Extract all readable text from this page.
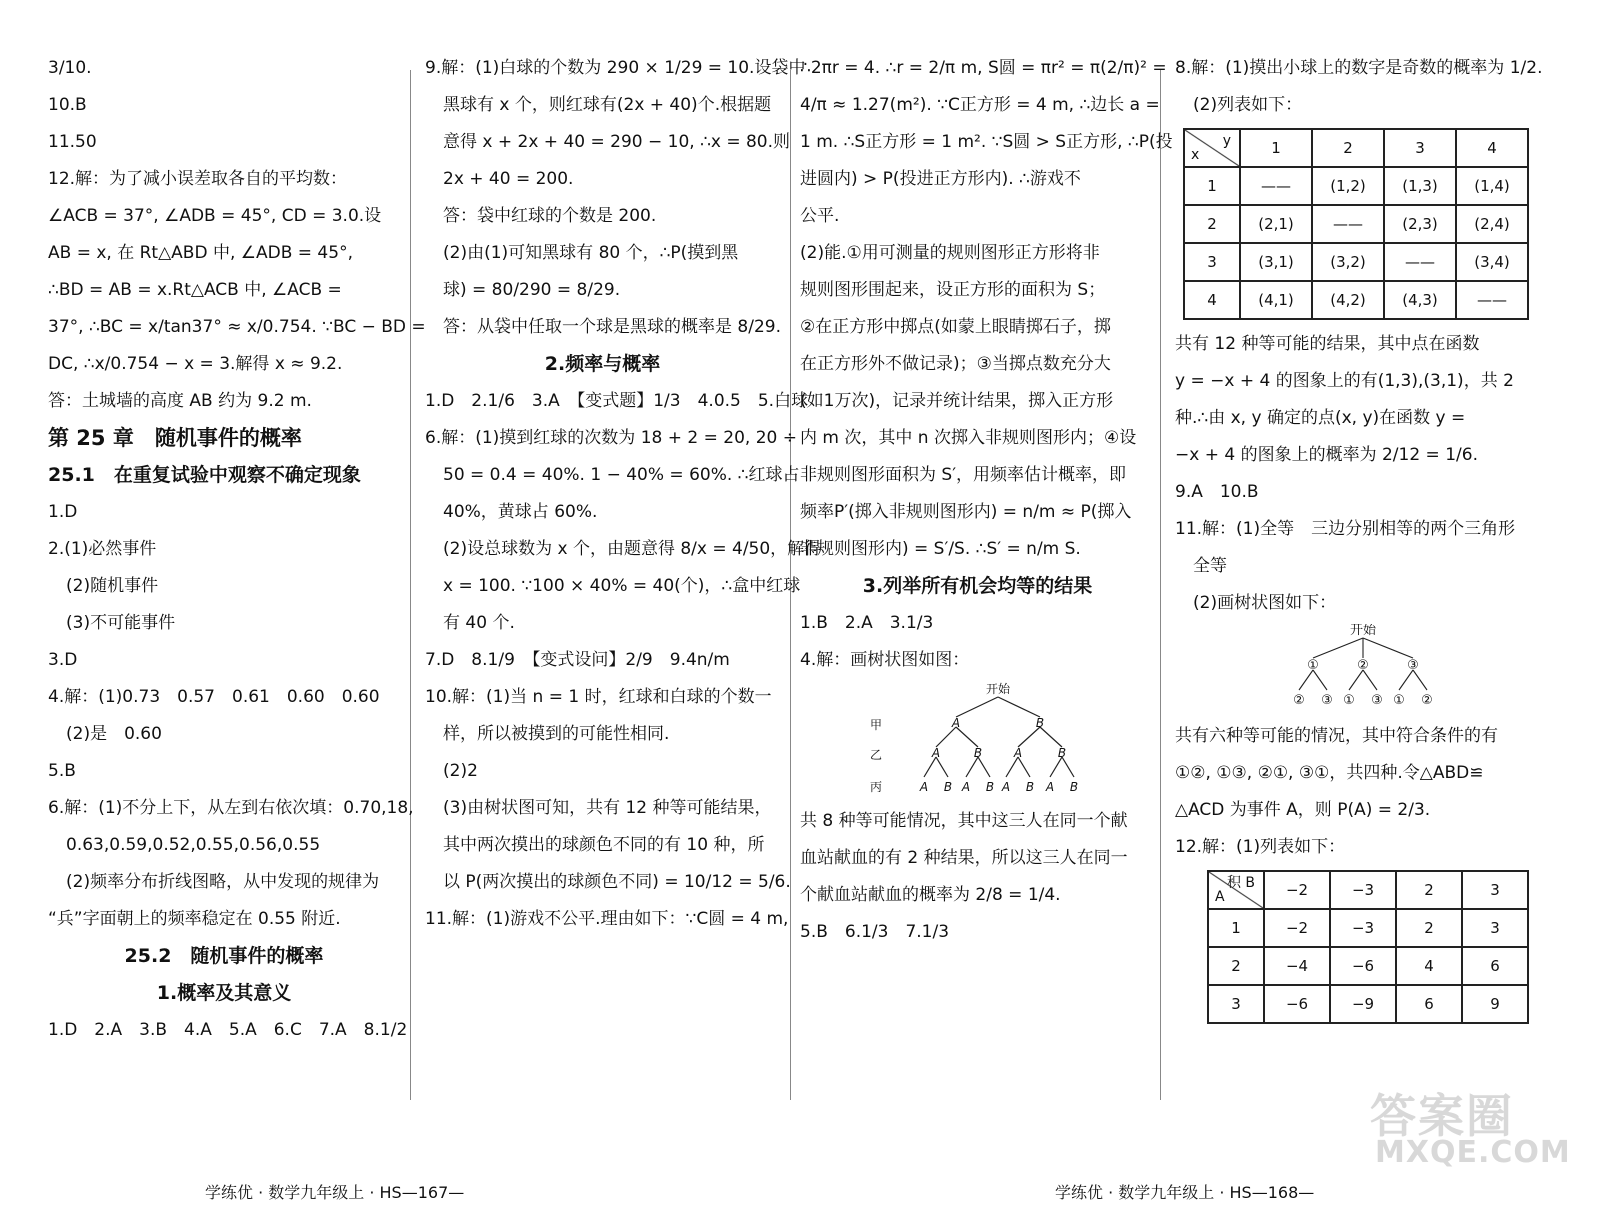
3/10.

10.B

11.50

12.解：为了减小误差取各自的平均数：

∠ACB = 37°, ∠ADB = 45°, CD = 3.0.设

AB = x, 在 Rt△ABD 中, ∠ADB = 45°,

∴BD = AB = x.Rt△ACB 中, ∠ACB =

37°, ∴BC = x/tan37° ≈ x/0.754. ∵BC − BD =

DC, ∴x/0.754 − x = 3.解得 x ≈ 9.2.

答：土城墙的高度 AB 约为 9.2 m.

第 25 章　随机事件的概率

25.1　在重复试验中观察不确定现象

1.D

2.(1)必然事件

(2)随机事件

(3)不可能事件

3.D

4.解：(1)0.73　0.57　0.61　0.60　0.60

(2)是　0.60

5.B

6.解：(1)不分上下，从左到右依次填：0.70,18,

0.63,0.59,0.52,0.55,0.56,0.55

(2)频率分布折线图略，从中发现的规律为

“兵”字面朝上的频率稳定在 0.55 附近.

25.2　随机事件的概率

1.概率及其意义

1.D　2.A　3.B　4.A　5.A　6.C　7.A　8.1/2

9.解：(1)白球的个数为 290 × 1/29 = 10.设袋中

黑球有 x 个，则红球有(2x + 40)个.根据题

意得 x + 2x + 40 = 290 − 10, ∴x = 80.则

2x + 40 = 200.

答：袋中红球的个数是 200.

(2)由(1)可知黑球有 80 个，∴P(摸到黑

球) = 80/290 = 8/29.

答：从袋中任取一个球是黑球的概率是 8/29.

2.频率与概率

1.D　2.1/6　3.A　【变式题】1/3　4.0.5　5.白球

6.解：(1)摸到红球的次数为 18 + 2 = 20, 20 ÷

50 = 0.4 = 40%. 1 − 40% = 60%. ∴红球占

40%，黄球占 60%.

(2)设总球数为 x 个，由题意得 8/x = 4/50，解得

x = 100. ∵100 × 40% = 40(个)，∴盒中红球

有 40 个.

7.D　8.1/9　【变式设问】2/9　9.4n/m

10.解：(1)当 n = 1 时，红球和白球的个数一

样，所以被摸到的可能性相同.

(2)2

(3)由树状图可知，共有 12 种等可能结果，

其中两次摸出的球颜色不同的有 10 种，所

以 P(两次摸出的球颜色不同) = 10/12 = 5/6.

11.解：(1)游戏不公平.理由如下：∵C圆 = 4 m,

∴2πr = 4. ∴r = 2/π m, S圆 = πr² = π(2/π)² =

4/π ≈ 1.27(m²). ∵C正方形 = 4 m, ∴边长 a =

1 m. ∴S正方形 = 1 m². ∵S圆 > S正方形, ∴P(投

进圆内) > P(投进正方形内). ∴游戏不

公平.

(2)能.①用可测量的规则图形正方形将非

规则图形围起来，设正方形的面积为 S；

②在正方形中掷点(如蒙上眼睛掷石子，掷

在正方形外不做记录)；③当掷点数充分大

(如1万次)，记录并统计结果，掷入正方形

内 m 次，其中 n 次掷入非规则图形内；④设

非规则图形面积为 S′，用频率估计概率，即

频率P′(掷入非规则图形内) = n/m ≈ P(掷入

非规则图形内) = S′/S. ∴S′ = n/m S.

3.列举所有机会均等的结果

1.B　2.A　3.1/3

4.解：画树状图如图：

开始
甲
乙
丙
A	B
A	B	A	B
A B A B A B A B

共 8 种等可能情况，其中这三人在同一个献

血站献血的有 2 种结果，所以这三人在同一

个献血站献血的概率为 2/8 = 1/4.

5.B　6.1/3　7.1/3

8.解：(1)摸出小球上的数字是奇数的概率为 1/2.

(2)列表如下：

y
x	1	2	3	4
1	——	(1,2)	(1,3)	(1,4)
2	(2,1)	——	(2,3)	(2,4)
3	(3,1)	(3,2)	——	(3,4)
4	(4,1)	(4,2)	(4,3)	——

共有 12 种等可能的结果，其中点在函数

y = −x + 4 的图象上的有(1,3),(3,1)，共 2

种.∴由 x, y 确定的点(x, y)在函数 y =

−x + 4 的图象上的概率为 2/12 = 1/6.

9.A　10.B

11.解：(1)全等　三边分别相等的两个三角形

全等

(2)画树状图如下：

开始
①	②	③
② ③ ① ③ ① ②

共有六种等可能的情况，其中符合条件的有

①②, ①③, ②①, ③①，共四种.令△ABD≌

△ACD 为事件 A，则 P(A) = 2/3.

12.解：(1)列表如下：

积 B
A	−2	−3	2	3
1	−2	−3	2	3
2	−4	−6	4	6
3	−6	−9	6	9
学练优 · 数学九年级上 · HS—167—	学练优 · 数学九年级上 · HS—168—
答案圈
MXQE.COM
